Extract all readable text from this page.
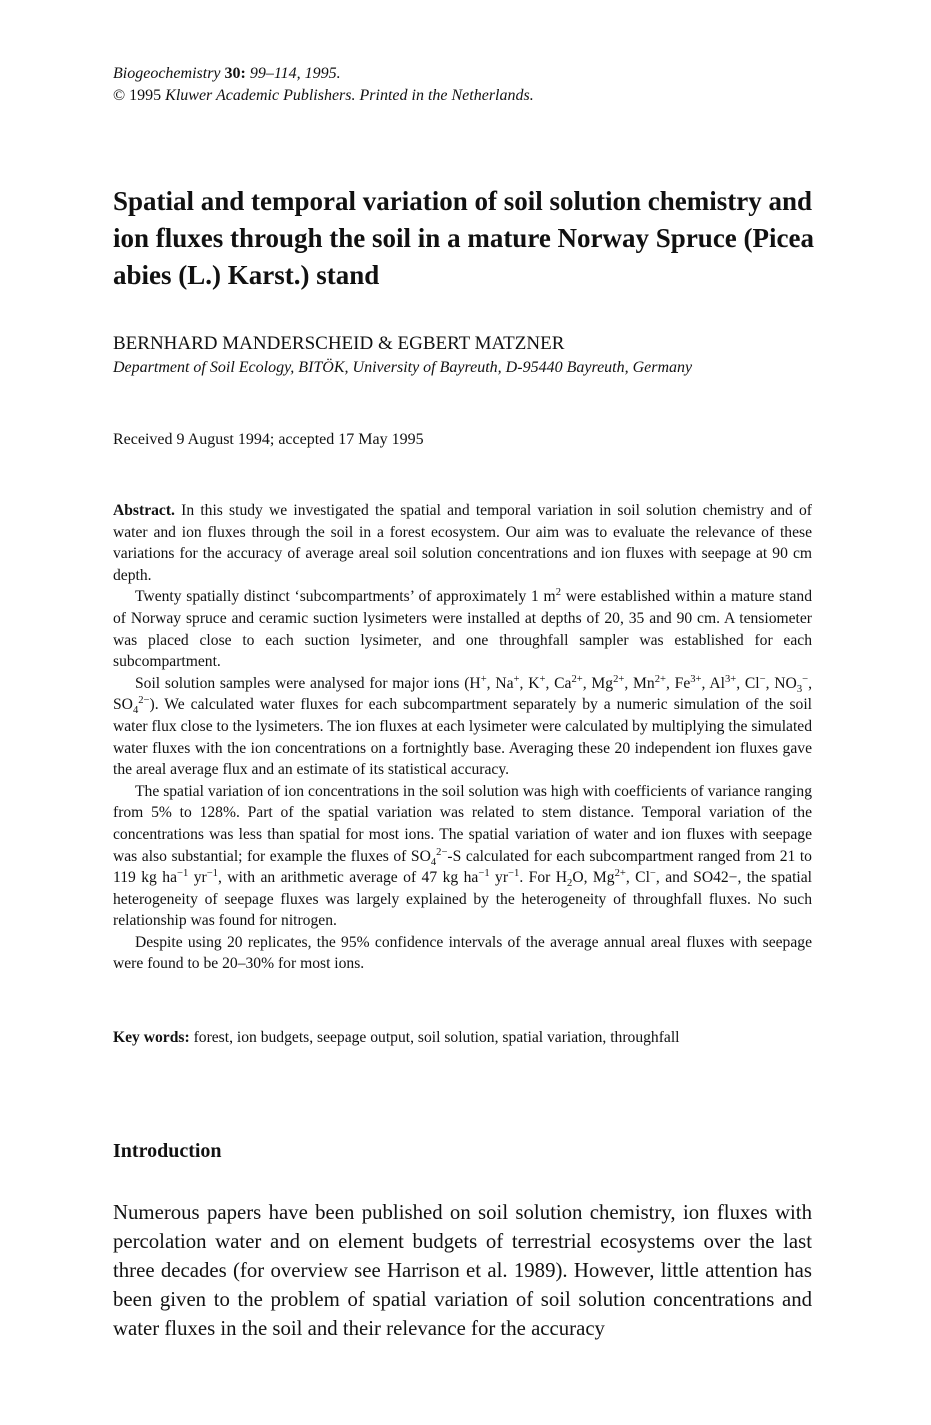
Biogeochemistry 30: 99–114, 1995.
© 1995 Kluwer Academic Publishers. Printed in the Netherlands.
Spatial and temporal variation of soil solution chemistry and ion fluxes through the soil in a mature Norway Spruce (Picea abies (L.) Karst.) stand
BERNHARD MANDERSCHEID & EGBERT MATZNER
Department of Soil Ecology, BITÖK, University of Bayreuth, D-95440 Bayreuth, Germany
Received 9 August 1994; accepted 17 May 1995

Abstract. In this study we investigated the spatial and temporal variation in soil solution chemistry and of water and ion fluxes through the soil in a forest ecosystem. Our aim was to evaluate the relevance of these variations for the accuracy of average areal soil solution concentrations and ion fluxes with seepage at 90 cm depth.

Twenty spatially distinct ‘subcompartments’ of approximately 1 $m^2$ were established within a mature stand of Norway spruce and ceramic suction lysimeters were installed at depths of 20, 35 and 90 cm. A tensiometer was placed close to each suction lysimeter, and one throughfall sampler was established for each subcompartment.

Soil solution samples were analysed for major ions (H+, Na+, K+, $Ca^{2+}$, $Mg^{2+}$, $Mn^{2+}$, $Fe^{3+}$, $Al^{3+}$, Cl−, $NO_3^-$, $SO_4^{2-}$). We calculated water fluxes for each subcompartment separately by a numeric simulation of the soil water flux close to the lysimeters. The ion fluxes at each lysimeter were calculated by multiplying the simulated water fluxes with the ion concentrations on a fortnightly base. Averaging these 20 independent ion fluxes gave the areal average flux and an estimate of its statistical accuracy.

The spatial variation of ion concentrations in the soil solution was high with coefficients of variance ranging from 5% to 128%. Part of the spatial variation was related to stem distance. Temporal variation of the concentrations was less than spatial for most ions. The spatial variation of water and ion fluxes with seepage was also substantial; for example the fluxes of $SO_4^{2-}-S$ calculated for each subcompartment ranged from 21 to 119 kg $ha^{-1}$ $yr^{-1}$, with an arithmetic average of 47 kg $ha^{-1}$ $yr^{-1}$. For $H_2O$, $Mg^{2+}$, Cl−, and SO42−, the spatial heterogeneity of seepage fluxes was largely explained by the heterogeneity of throughfall fluxes. No such relationship was found for nitrogen.

Despite using 20 replicates, the 95% confidence intervals of the average annual areal fluxes with seepage were found to be 20–30% for most ions.

Key words: forest, ion budgets, seepage output, soil solution, spatial variation, throughfall
Introduction

Numerous papers have been published on soil solution chemistry, ion fluxes with percolation water and on element budgets of terrestrial ecosystems over the last three decades (for overview see Harrison et al. 1989). However, little attention has been given to the problem of spatial variation of soil solution concentrations and water fluxes in the soil and their relevance for the accuracy
